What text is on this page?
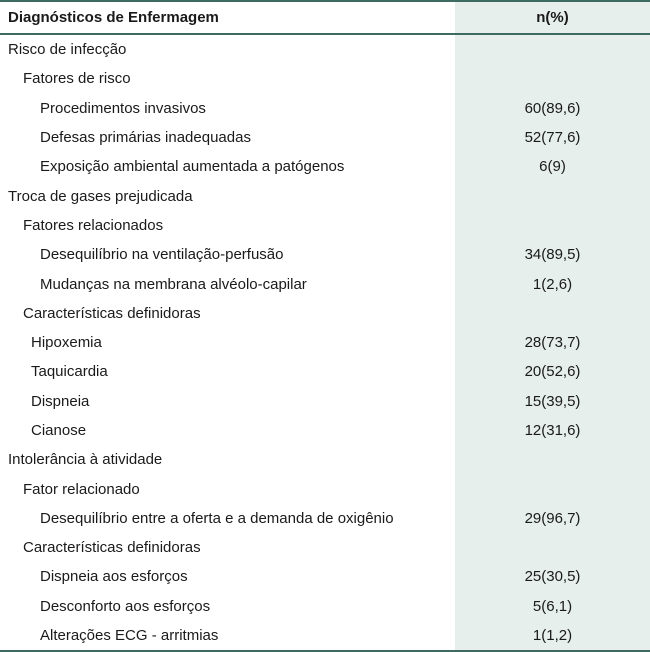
Diagnósticos de Enfermagem	n(%)
Risco de infecção
Fatores de risco
Procedimentos invasivos	60(89,6)
Defesas primárias inadequadas	52(77,6)
Exposição ambiental aumentada a patógenos	6(9)
Troca de gases prejudicada
Fatores relacionados
Desequilíbrio na ventilação-perfusão	34(89,5)
Mudanças na membrana alvéolo-capilar	1(2,6)
Características definidoras
Hipoxemia	28(73,7)
Taquicardia	20(52,6)
Dispneia	15(39,5)
Cianose	12(31,6)
Intolerância à atividade
Fator relacionado
Desequilíbrio entre a oferta e a demanda de oxigênio	29(96,7)
Características definidoras
Dispneia aos esforços	25(30,5)
Desconforto aos esforços	5(6,1)
Alterações ECG - arritmias	1(1,2)
